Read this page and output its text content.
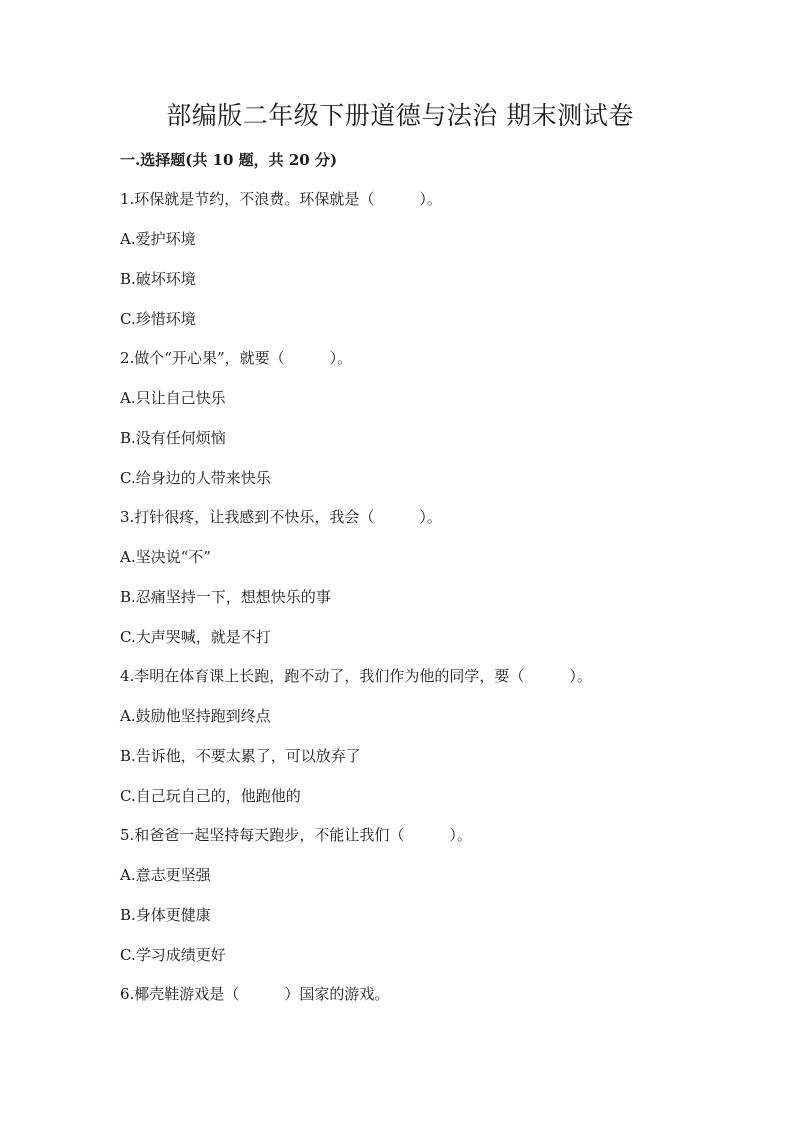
部编版二年级下册道德与法治 期末测试卷
一.选择题(共 10 题，共 20 分)
1.环保就是节约，不浪费。环保就是（　　　）。
A.爱护环境
B.破坏环境
C.珍惜环境
2.做个“开心果”，就要（　　　）。
A.只让自己快乐
B.没有任何烦恼
C.给身边的人带来快乐
3.打针很疼，让我感到不快乐，我会（　　　）。
A.坚决说“不”
B.忍痛坚持一下，想想快乐的事
C.大声哭喊，就是不打
4.李明在体育课上长跑，跑不动了，我们作为他的同学，要（　　　）。
A.鼓励他坚持跑到终点
B.告诉他，不要太累了，可以放弃了
C.自己玩自己的，他跑他的
5.和爸爸一起坚持每天跑步，不能让我们（　　　）。
A.意志更坚强
B.身体更健康
C.学习成绩更好
6.椰壳鞋游戏是（　　　）国家的游戏。
